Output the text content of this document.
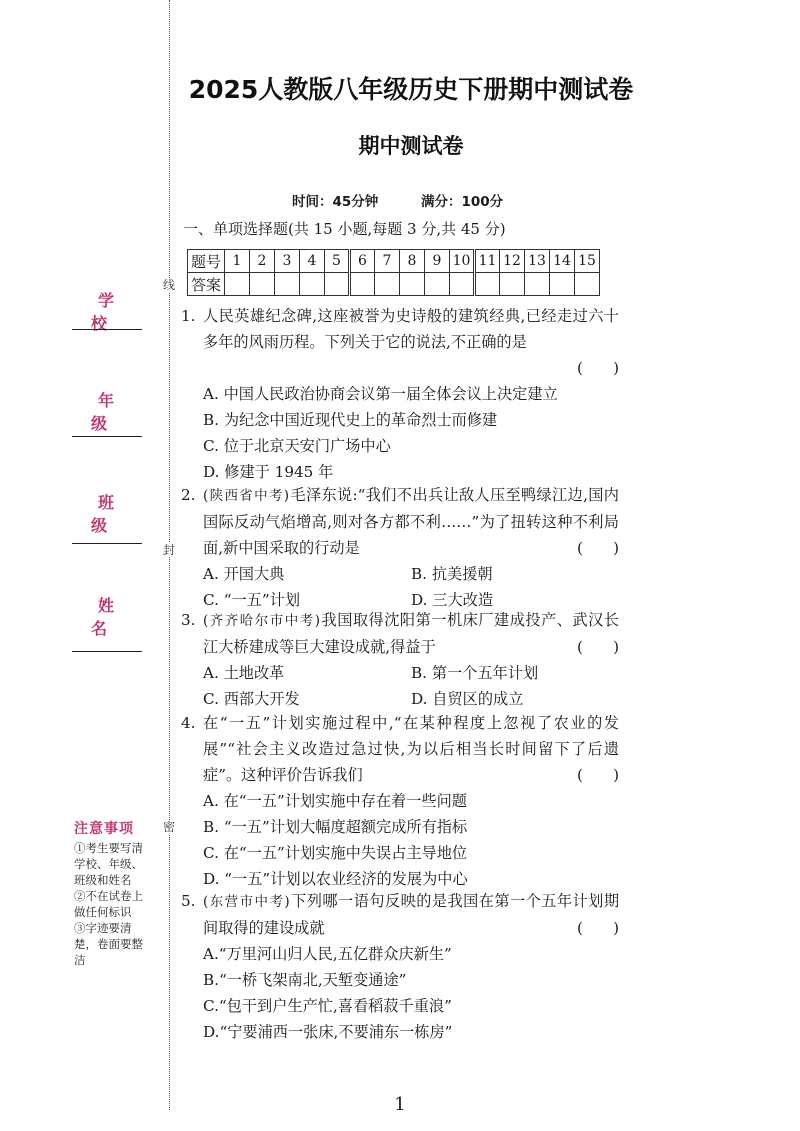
线
封
密
学校
年级
班级
姓名
注意事项
①考生要写清学校、年级、班级和姓名
②不在试卷上做任何标识
③字迹要清楚，卷面要整洁
2025人教版八年级历史下册期中测试卷
期中测试卷
时间：45分钟	满分：100分
一、单项选择题(共 15 小题,每题 3 分,共 45 分)
题号	1	2	3	4	5	6	7	8	9	10	11	12	13	14	15
答案															
1. 人民英雄纪念碑,这座被誉为史诗般的建筑经典,已经走过六十多年的风雨历程。下列关于它的说法,不正确的是
( )
A. 中国人民政治协商会议第一届全体会议上决定建立
B. 为纪念中国近现代史上的革命烈士而修建
C. 位于北京天安门广场中心
D. 修建于 1945 年
2. (陕西省中考)毛泽东说:“我们不出兵让敌人压至鸭绿江边,国内国际反动气焰增高,则对各方都不利……”为了扭转这种不利局面,新中国采取的行动是	( )
A. 开国大典	B. 抗美援朝
C. “一五”计划	D. 三大改造
3. (齐齐哈尔市中考)我国取得沈阳第一机床厂建成投产、武汉长江大桥建成等巨大建设成就,得益于	( )
A. 土地改革	B. 第一个五年计划
C. 西部大开发	D. 自贸区的成立
4. 在“一五”计划实施过程中,“在某种程度上忽视了农业的发展”“社会主义改造过急过快,为以后相当长时间留下了后遗症”。这种评价告诉我们	( )
A. 在“一五”计划实施中存在着一些问题
B. “一五”计划大幅度超额完成所有指标
C. 在“一五”计划实施中失误占主导地位
D. “一五”计划以农业经济的发展为中心
5. (东营市中考)下列哪一语句反映的是我国在第一个五年计划期间取得的建设成就	( )
A.“万里河山归人民,五亿群众庆新生”
B.“一桥飞架南北,天堑变通途”
C.“包干到户生产忙,喜看稻菽千重浪”
D.“宁要浦西一张床,不要浦东一栋房”
1
